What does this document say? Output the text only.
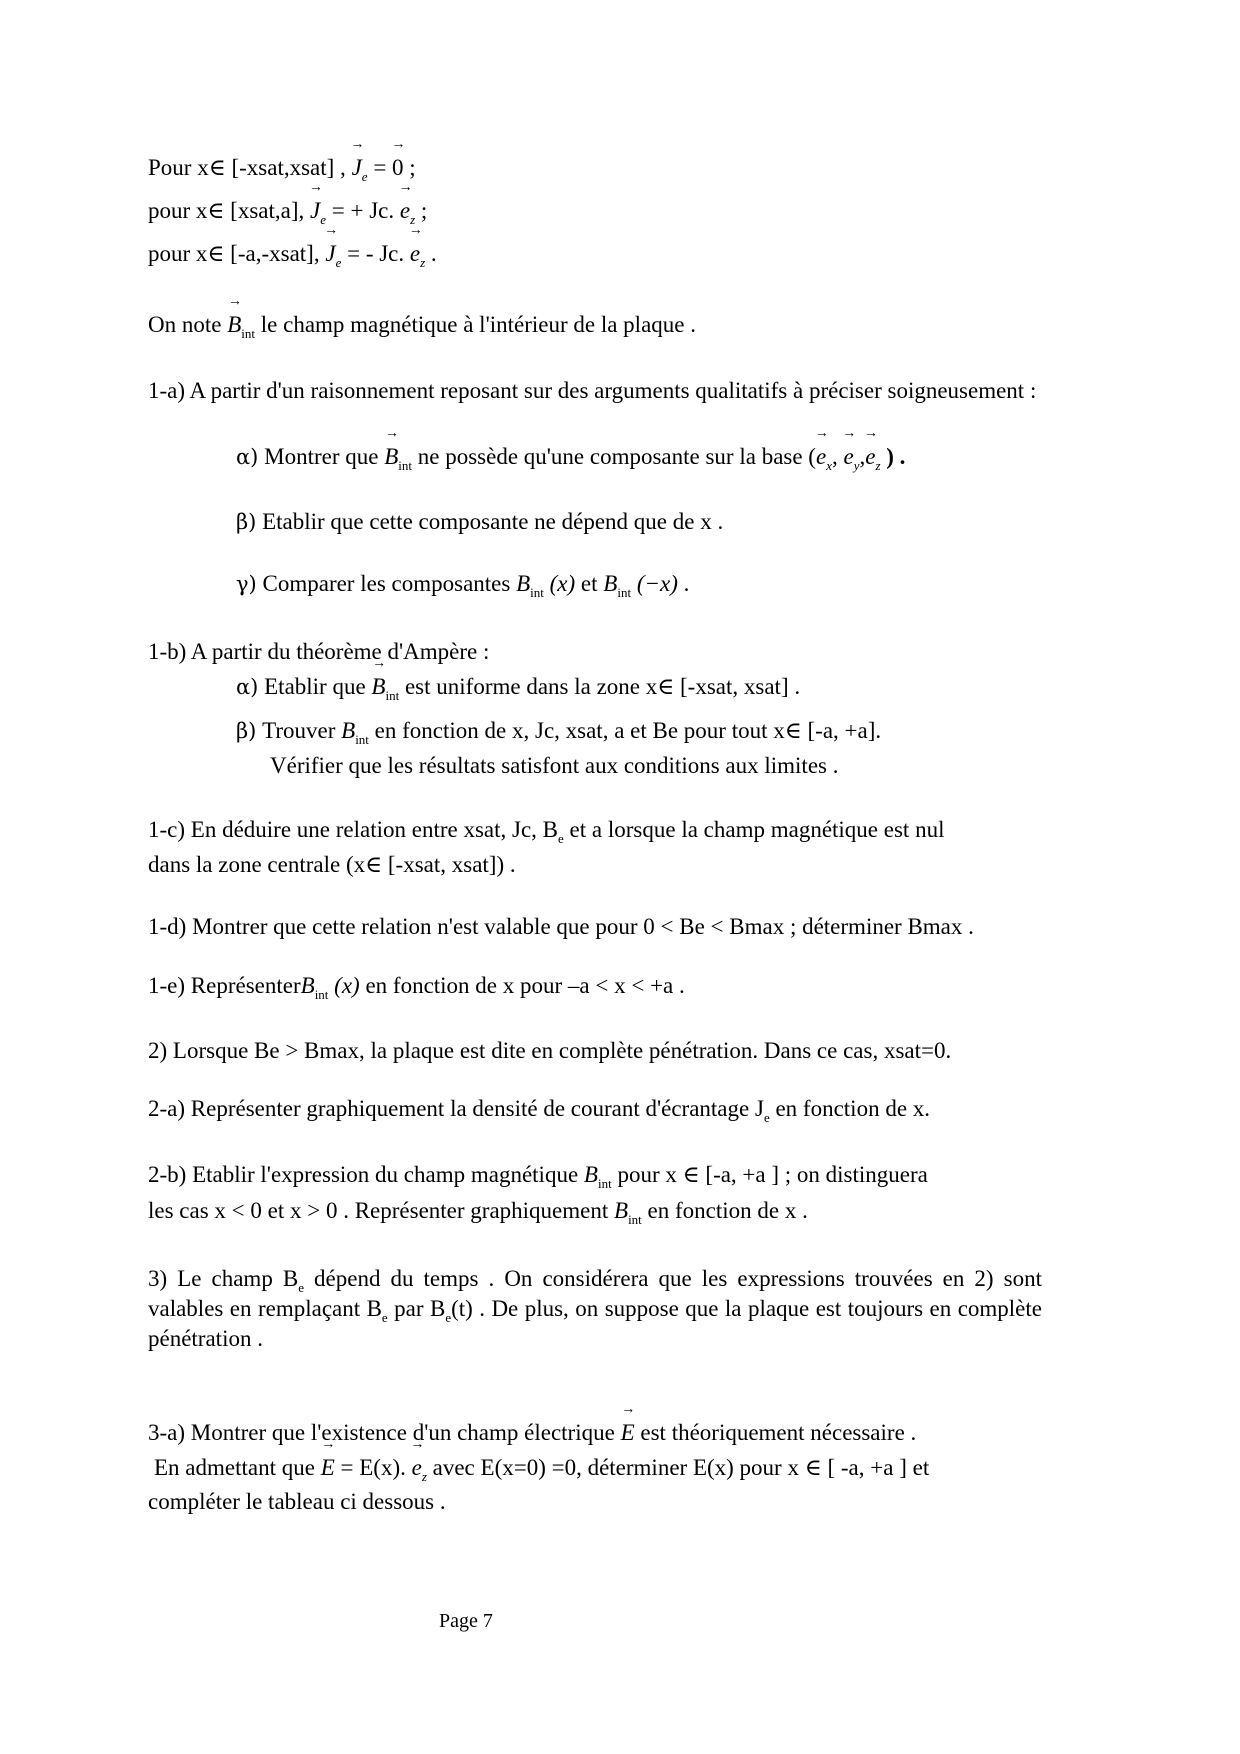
Pour x∈ [-xsat,xsat] , → $J_e$ = → 0 ;
pour x∈ [xsat,a], → $J_e$ = + Jc. → $e_z$ ;
pour x∈ [-a,-xsat], → $J_e$ = - Jc. → $e_z$ .
On note → $B_{int}$ le champ magnétique à l'intérieur de la plaque .
1-a) A partir d'un raisonnement reposant sur des arguments qualitatifs à préciser soigneusement :
α) Montrer que → $B_{int}$ ne possède qu'une composante sur la base (→ $e_x$, → $e_y,\to e_z$ ) .
β) Etablir que cette composante ne dépend que de x .
γ) Comparer les composantes $B_{int}$ (x) et $B_{int}$ (−x) .
1-b) A partir du théorème d'Ampère :
α) Etablir que → $B_{int}$ est uniforme dans la zone x∈ [-xsat, xsat] .
β) Trouver $B_{int}$ en fonction de x, Jc, xsat, a et Be pour tout x∈ [-a, +a].
Vérifier que les résultats satisfont aux conditions aux limites .
1-c) En déduire une relation entre xsat, Jc, $B_e$ et a lorsque la champ magnétique est nul
dans la zone centrale (x∈ [-xsat, xsat]) .
1-d) Montrer que cette relation n'est valable que pour 0 < Be < Bmax ; déterminer Bmax .
1-e) ReprésenterB$_{int}$ (x) en fonction de x pour –a < x < +a .
2) Lorsque Be > Bmax, la plaque est dite en complète pénétration. Dans ce cas, xsat=0.
2-a) Représenter graphiquement la densité de courant d'écrantage $J_e$ en fonction de x.
2-b) Etablir l'expression du champ magnétique $B_{int}$ pour x ∈ [-a, +a ] ; on distinguera
les cas x < 0 et x > 0 . Représenter graphiquement $B_{int}$ en fonction de x .
3) Le champ $B_e$ dépend du temps . On considérera que les expressions trouvées en 2) sont valables en remplaçant $B_e$ par $B_e(t)$ . De plus, on suppose que la plaque est toujours en complète pénétration .
3-a) Montrer que l'existence d'un champ électrique → E est théoriquement nécessaire .
En admettant que → E = E(x). → $e_z$ avec E(x=0) =0, déterminer E(x) pour x ∈ [ -a, +a ] et
compléter le tableau ci dessous .
Page 7
